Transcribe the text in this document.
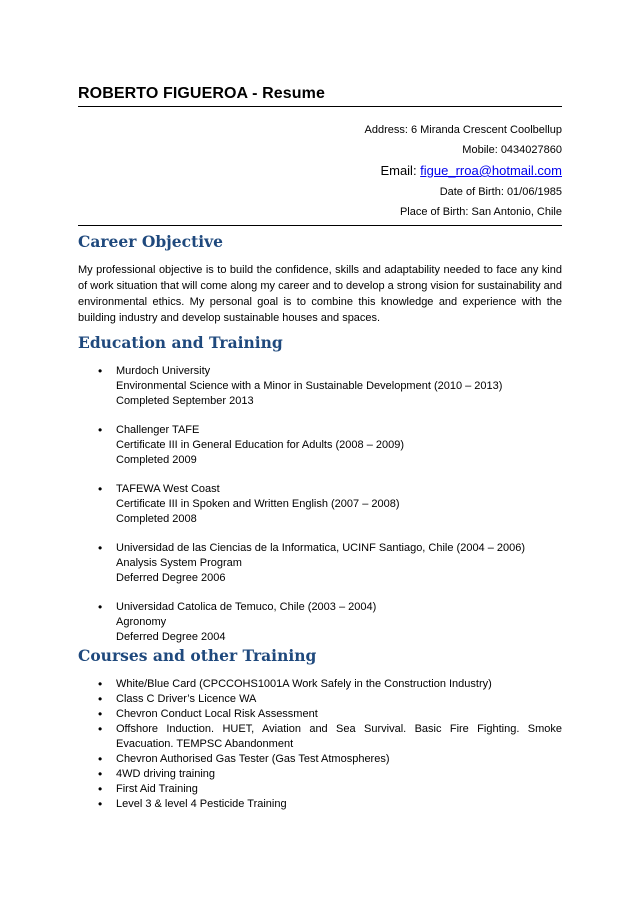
ROBERTO FIGUEROA - Resume
Address: 6 Miranda Crescent Coolbellup
Mobile: 0434027860
Email: figue_rroa@hotmail.com
Date of Birth: 01/06/1985
Place of Birth: San Antonio, Chile
Career Objective
My professional objective is to build the confidence, skills and adaptability needed to face any kind of work situation that will come along my career and to develop a strong vision for sustainability and environmental ethics. My personal goal is to combine this knowledge and experience with the building industry and develop sustainable houses and spaces.
Education and Training
• Murdoch University
Environmental Science with a Minor in Sustainable Development (2010 – 2013)
Completed September 2013
• Challenger TAFE
Certificate III in General Education for Adults (2008 – 2009)
Completed 2009
• TAFEWA West Coast
Certificate III in Spoken and Written English (2007 – 2008)
Completed 2008
• Universidad de las Ciencias de la Informatica, UCINF Santiago, Chile (2004 – 2006)
Analysis System Program
Deferred Degree 2006
• Universidad Catolica de Temuco, Chile (2003 – 2004)
Agronomy
Deferred Degree 2004
Courses and other Training
• White/Blue Card (CPCCOHS1001A Work Safely in the Construction Industry)
• Class C Driver’s Licence WA
• Chevron Conduct Local Risk Assessment
• Offshore Induction. HUET, Aviation and Sea Survival. Basic Fire Fighting. Smoke Evacuation. TEMPSC Abandonment
• Chevron Authorised Gas Tester (Gas Test Atmospheres)
• 4WD driving training
• First Aid Training
• Level 3 & level 4 Pesticide Training
